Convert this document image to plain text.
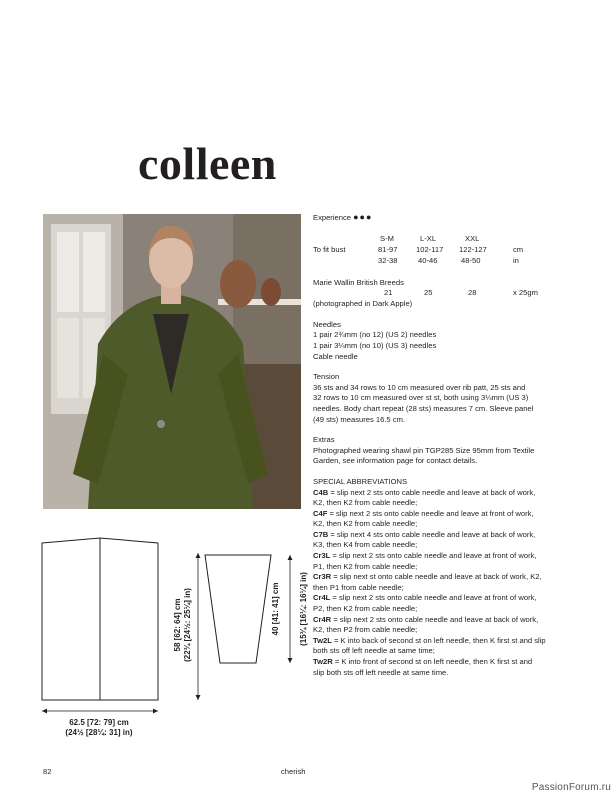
colleen

Experience ●●●

S-M	L-XL	XXL
To fit bust	81-97 102-117 122-127	cm
32-38	40-46	48-50	in

Marie Wallin British Breeds

21	25	28	x 25gm

(photographed in Dark Apple)

Needles

1 pair 2¾mm (no 12) (US 2) needles

1 pair 3¼mm (no 10) (US 3) needles

Cable needle

Tension

36 sts and 34 rows to 10 cm measured over rib patt, 25 sts and

32 rows to 10 cm measured over st st, both using 3¼mm (US 3)

needles. Body chart repeat (28 sts) measures 7 cm. Sleeve panel

(49 sts) measures 16.5 cm.

Extras

Photographed wearing shawl pin TGP285 Size 95mm from Textile

Garden, see information page for contact details.

SPECIAL ABBREVIATIONS

C4B = slip next 2 sts onto cable needle and leave at back of work,

K2, then K2 from cable needle;

C4F = slip next 2 sts onto cable needle and leave at front of work,

K2, then K2 from cable needle;

C7B = slip next 4 sts onto cable needle and leave at back of work,

K3, then K4 from cable needle;

Cr3L = slip next 2 sts onto cable needle and leave at front of work,

P1, then K2 from cable needle;

Cr3R = slip next st onto cable needle and leave at back of work, K2,

then P1 from cable needle;

Cr4L = slip next 2 sts onto cable needle and leave at front of work,

P2, then K2 from cable needle;

Cr4R = slip next 2 sts onto cable needle and leave at back of work,

K2, then P2 from cable needle;

Tw2L = K into back of second st on left needle, then K first st and slip

both sts off left needle at same time;

Tw2R = K into front of second st on left needle, then K first st and

slip both sts off left needle at same time.

62.5 [72: 79] cm
(24½ [28¼: 31] in)
58 [62: 64] cm (22¾ [24½: 25¼] in)	40 [41: 41] cm (15¾ [16¼: 16¼] in)
82	cherish
PassionForum.ru
